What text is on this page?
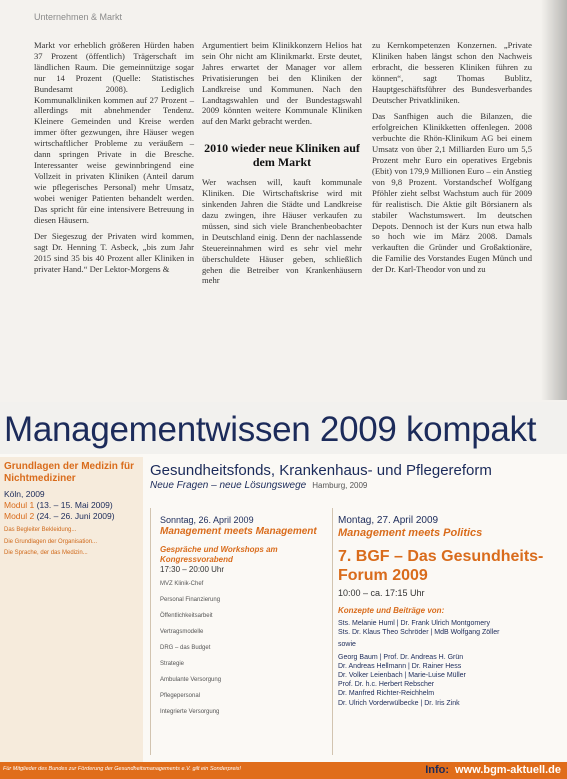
Unternehmen & Markt

Markt vor erheblich größeren Hürden haben 37 Prozent (öffentlich) Trägerschaft im ländlichen Raum. Die gemeinnützige sogar nur 14 Prozent (Quelle: Statistisches Bundesamt 2008). Lediglich Kommunalkliniken kommen auf 27 Prozent – allerdings mit abnehmender Tendenz. Kleinere Gemeinden und Kreise werden immer öfter gezwungen, ihre Häuser wegen wirtschaftlicher Probleme zu veräußern – dann springen Private in die Bresche. Interessanter weise gewinnbringend eine Vollzeit in privaten Kliniken (Anteil darum wie pflegerisches Personal) mehr Umsatz, wobei weniger Patienten behandelt werden. Das spricht für eine intensivere Betreuung in diesen Häusern.

Der Siegeszug der Privaten wird kommen, sagt Dr. Henning T. Asbeck, „bis zum Jahr 2015 sind 35 bis 40 Prozent aller Kliniken in privater Hand.“ Der Lektor-Morgens &

Argumentiert beim Klinikkonzern Helios hat sein Ohr nicht am Klinikmarkt. Erste deutet, Jahres erwartet der Manager vor allem Privatisierungen bei den Kliniken der Landkreise und Kommunen. Nach den Landtagswahlen und der Bundestagswahl 2009 könnten weitere Kommunale Kliniken auf den Markt gebracht werden.

2010 wieder neue Kliniken auf dem Markt

Wer wachsen will, kauft kommunale Kliniken. Die Wirtschaftskrise wird mit sinkenden Jahren die Städte und Landkreise dazu zwingen, ihre Häuser verkaufen zu müssen, sind sich viele Branchenbeobachter in Deutschland einig. Denn der nachlassende Steuereinnahmen wird es sehr viel mehr überschuldete Häuser geben, schließlich gehen die Betreiber von Krankenhäusern mehr

zu Kernkompetenzen Konzernen. „Private Kliniken haben längst schon den Nachweis erbracht, die besseren Kliniken führen zu können“, sagt Thomas Bublitz, Hauptgeschäftsführer des Bundesverbandes Deutscher Privatkliniken.

Das Sanfhigen auch die Bilanzen, die erfolgreichen Klinikketten offenlegen. 2008 verbuchte die Rhön-Klinikum AG bei einem Umsatz von über 2,1 Milliarden Euro um 5,5 Prozent mehr Euro ein operatives Ergebnis (Ebit) von 179,9 Millionen Euro – ein Anstieg von 9,8 Prozent. Vorstandschef Wolfgang Pföhler zieht selbst Wachstum auch für 2009 für realistisch. Die Aktie gilt Börsianern als stabiler Wachstumswert. Im deutschen Depots. Dennoch ist der Kurs nun etwa halb so hoch wie im März 2008. Damals verkauften die Gründer und Großaktionäre, die Familie des Vorstandes Eugen Münch und der Dr. Karl-Theodor von und zu

Managementwissen 2009 kompakt
Grundlagen der Medizin für Nichtmediziner
Köln, 2009
Modul 1 (13. – 15. Mai 2009)
Modul 2 (24. – 26. Juni 2009)
Das Begleiter Bekleidung...
Die Grundlagen der Organisation...
Die Sprache, der das Medizin...
Gesundheitsfonds, Krankenhaus- und Pflegereform
Neue Fragen – neue Lösungswege Hamburg, 2009
Sonntag, 26. April 2009
Management meets Management
Gespräche und Workshops am Kongressvorabend
17:30 – 20:00 Uhr
MVZ Klinik-Chef
Personal Finanzierung
Öffentlichkeitsarbeit
Vertragsmodelle
DRG – das Budget
Strategie
Ambulante Versorgung
Pflegepersonal
Integrierte Versorgung
Montag, 27. April 2009
Management meets Politics
7. BGF – Das Gesundheits-Forum 2009
10:00 – ca. 17:15 Uhr
Konzepte und Beiträge von:
Sts. Melanie Huml | Dr. Frank Ulrich Montgomery
Sts. Dr. Klaus Theo Schröder | MdB Wolfgang Zöller
sowie
Georg Baum | Prof. Dr. Andreas H. Grün
Dr. Andreas Hellmann | Dr. Rainer Hess
Dr. Volker Leienbach | Marie-Luise Müller
Prof. Dr. h.c. Herbert Rebscher
Dr. Manfred Richter-Reichhelm
Dr. Ulrich Vorderwülbecke | Dr. Iris Zink
Für Mitglieder des Bundes zur Förderung der Gesundheitsmanagements e.V. gilt ein Sonderpreis!	Info: www.bgm-aktuell.de
